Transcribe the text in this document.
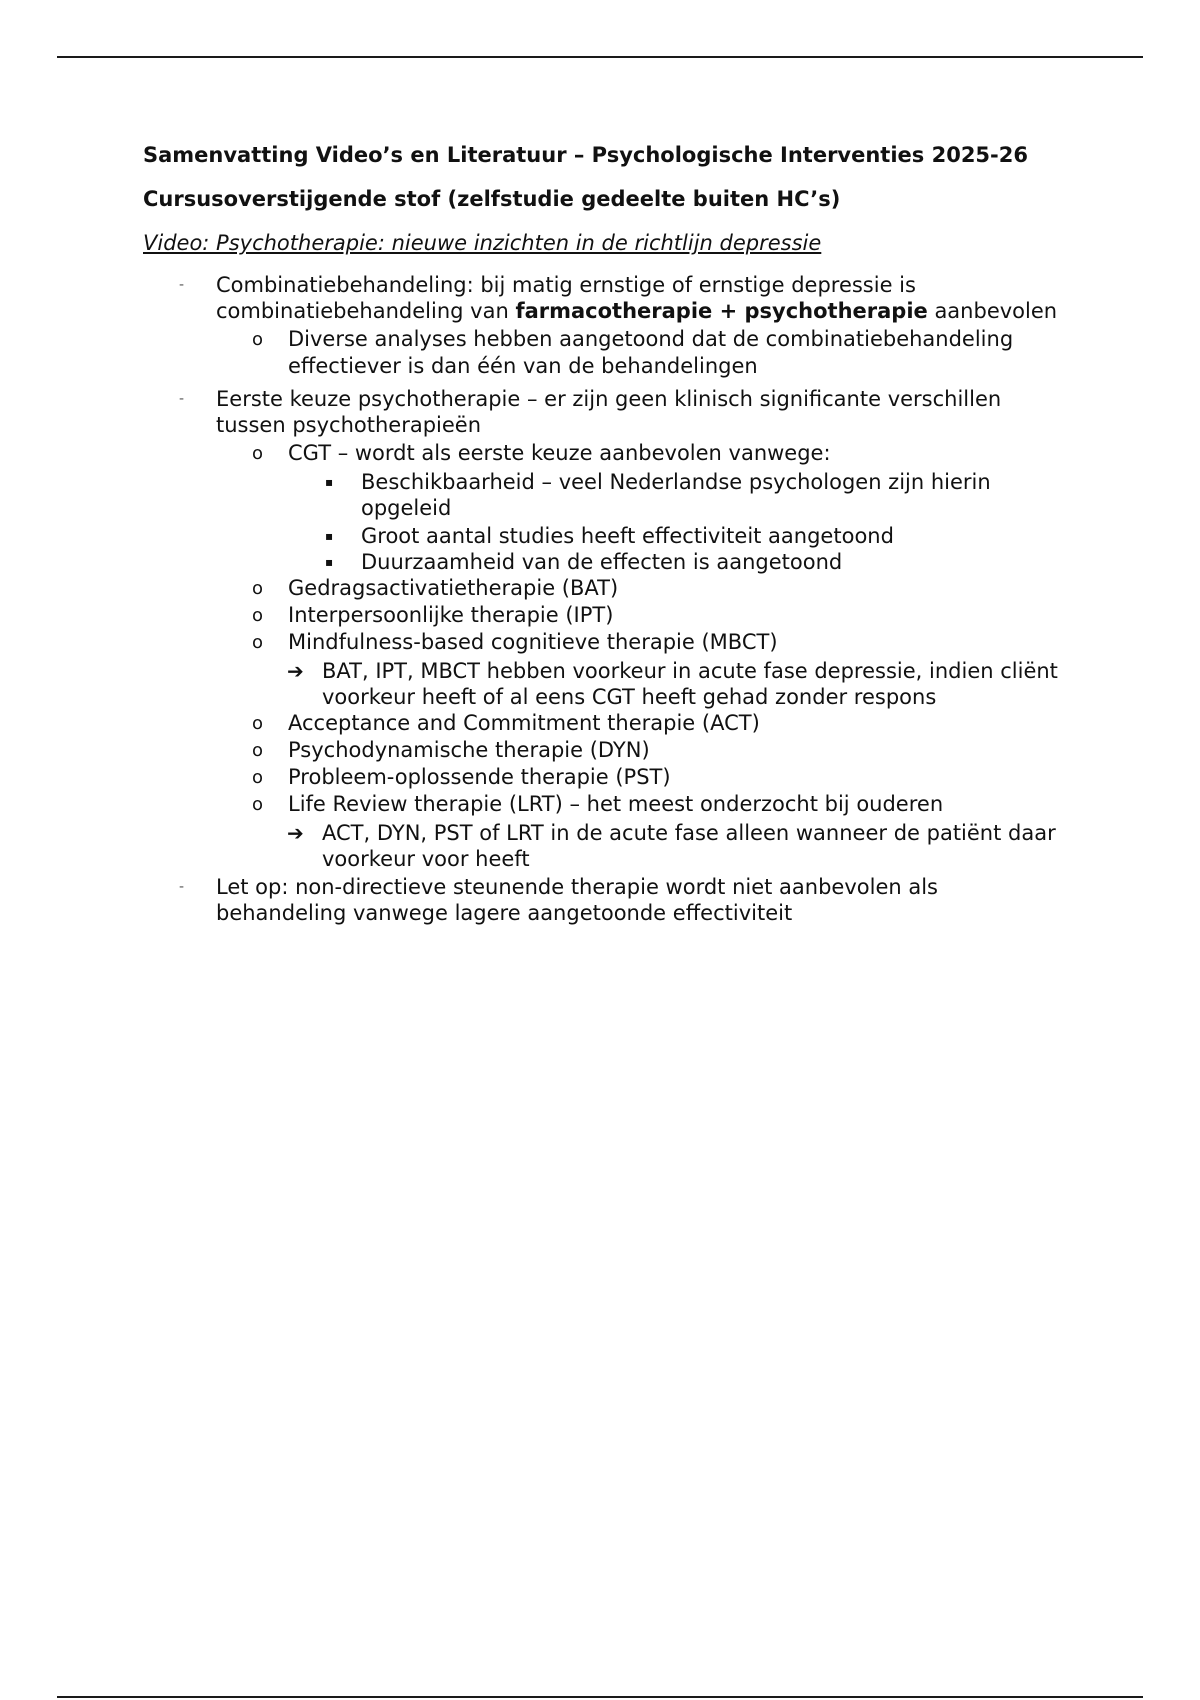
Samenvatting Video’s en Literatuur – Psychologische Interventies 2025-26

Cursusoverstijgende stof (zelfstudie gedeelte buiten HC’s)

Video: Psychotherapie: nieuwe inzichten in de richtlijn depressie

- Combinatiebehandeling: bij matig ernstige of ernstige depressie is combinatiebehandeling van farmacotherapie + psychotherapie aanbevolen
o Diverse analyses hebben aangetoond dat de combinatiebehandeling effectiever is dan één van de behandelingen
- Eerste keuze psychotherapie – er zijn geen klinisch significante verschillen tussen psychotherapieën
o CGT – wordt als eerste keuze aanbevolen vanwege:
▪ Beschikbaarheid – veel Nederlandse psychologen zijn hierin opgeleid
▪ Groot aantal studies heeft effectiviteit aangetoond
▪ Duurzaamheid van de effecten is aangetoond
o Gedragsactivatietherapie (BAT)
o Interpersoonlijke therapie (IPT)
o Mindfulness-based cognitieve therapie (MBCT)
➔ BAT, IPT, MBCT hebben voorkeur in acute fase depressie, indien cliënt voorkeur heeft of al eens CGT heeft gehad zonder respons
o Acceptance and Commitment therapie (ACT)
o Psychodynamische therapie (DYN)
o Probleem-oplossende therapie (PST)
o Life Review therapie (LRT) – het meest onderzocht bij ouderen
➔ ACT, DYN, PST of LRT in de acute fase alleen wanneer de patiënt daar voorkeur voor heeft
- Let op: non-directieve steunende therapie wordt niet aanbevolen als behandeling vanwege lagere aangetoonde effectiviteit
